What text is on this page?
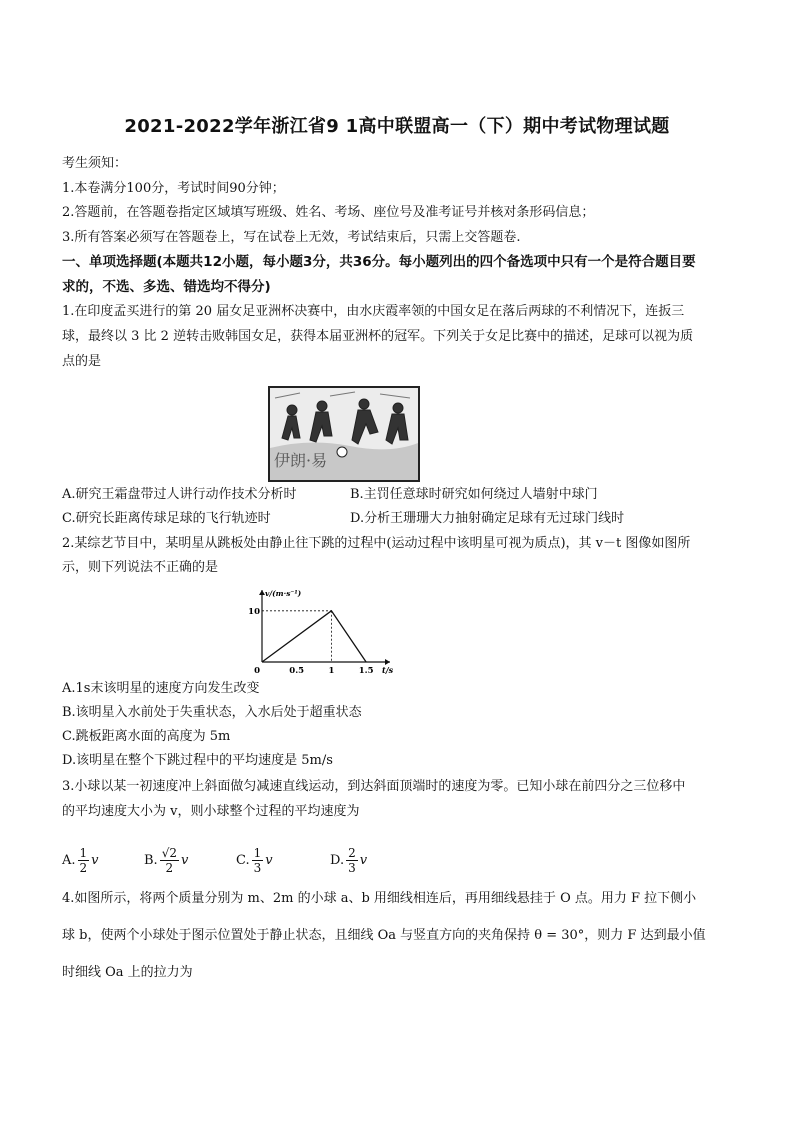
2021-2022学年浙江省9 1高中联盟高一（下）期中考试物理试题
考生须知：
1.本卷满分100分，考试时间90分钟；
2.答题前，在答题卷指定区域填写班级、姓名、考场、座位号及准考证号并核对条形码信息；
3.所有答案必须写在答题卷上，写在试卷上无效，考试结束后，只需上交答题卷.
一、单项选择题(本题共12小题，每小题3分，共36分。每小题列出的四个备选项中只有一个是符合题目要
求的，不选、多选、错选均不得分)
1.在印度孟买进行的第 20 届女足亚洲杯决赛中，由水庆霞率领的中国女足在落后两球的不利情况下，连扳三
球，最终以 3 比 2 逆转击败韩国女足，获得本届亚洲杯的冠军。下列关于女足比赛中的描述，足球可以视为质
点的是
伊朗·易
A.研究王霜盘带过人讲行动作技术分析时	B.主罚任意球时研究如何绕过人墙射中球门
C.研究长距离传球足球的飞行轨迹时	D.分析王珊珊大力抽射确定足球有无过球门线时
2.某综艺节目中，某明星从跳板处由静止往下跳的过程中(运动过程中该明星可视为质点)，其 v－t 图像如图所
示，则下列说法不正确的是
0	0.5	1	1.5
10
v/(m·s⁻¹)
t/s
A.1s末该明星的速度方向发生改变
B.该明星入水前处于失重状态，入水后处于超重状态
C.跳板距离水面的高度为 5m
D.该明星在整个下跳过程中的平均速度是 5m/s
3.小球以某一初速度冲上斜面做匀减速直线运动，到达斜面顶端时的速度为零。已知小球在前四分之三位移中
的平均速度大小为 v，则小球整个过程的平均速度为
A. $\frac{1}{2}$ v	B. $\frac{√2}{2}$ v	C. $\frac{1}{3}$ v	D. $\frac{2}{3}$ v
4.如图所示，将两个质量分别为 m、2m 的小球 a、b 用细线相连后，再用细线悬挂于 O 点。用力 F 拉下侧小
球 b，使两个小球处于图示位置处于静止状态，且细线 Oa 与竖直方向的夹角保持 θ = 30°，则力 F 达到最小值
时细线 Oa 上的拉力为
